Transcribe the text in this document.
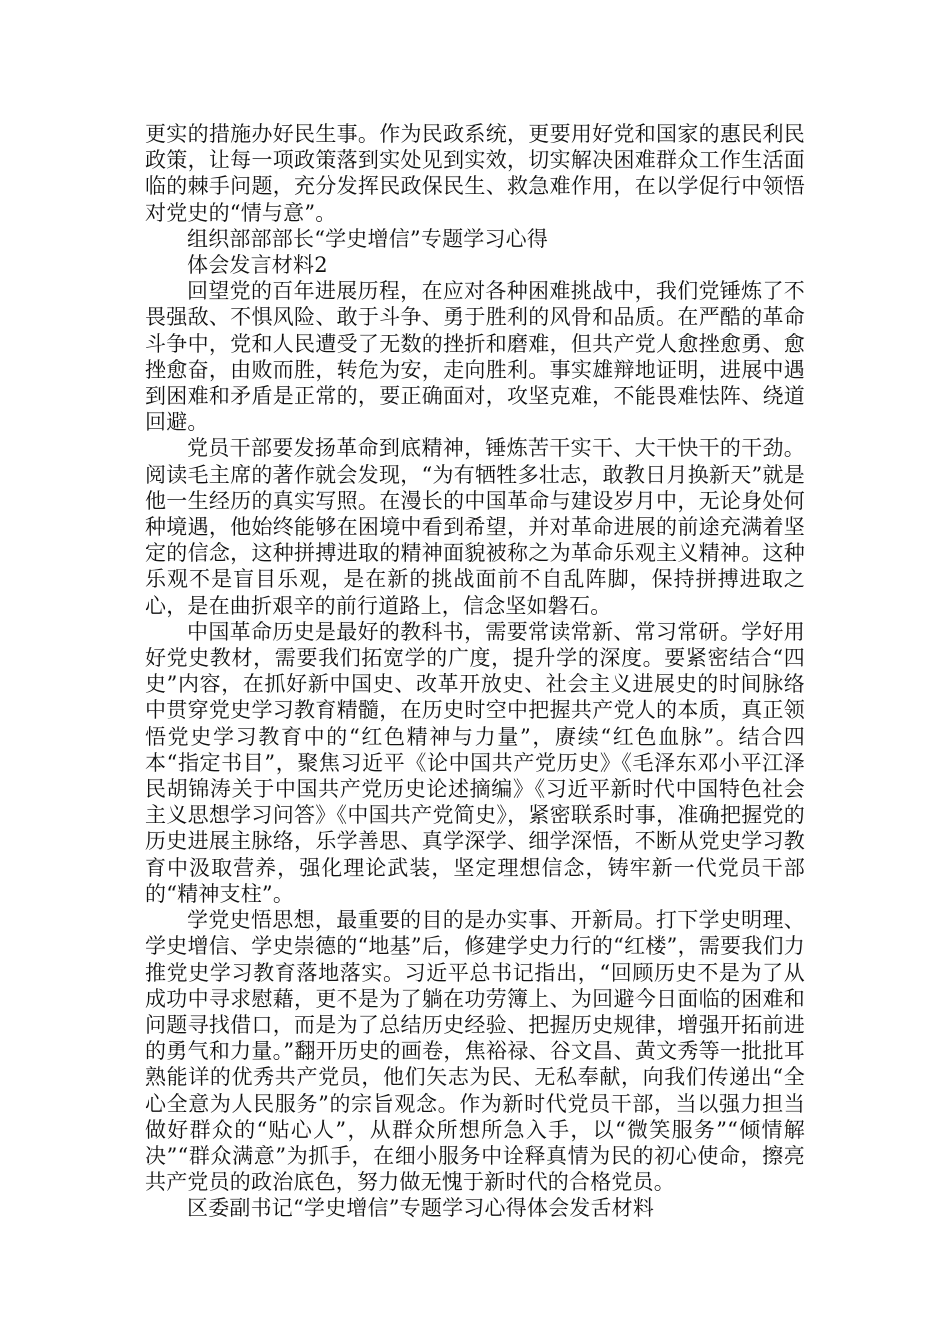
更实的措施办好民生事。作为民政系统，更要用好党和国家的惠民利民政策，让每一项政策落到实处见到实效，切实解决困难群众工作生活面临的棘手问题，充分发挥民政保民生、救急难作用，在以学促行中领悟对党史的“情与意”。

组织部部部长“学史增信”专题学习心得

体会发言材料2

回望党的百年进展历程，在应对各种困难挑战中，我们党锤炼了不畏强敌、不惧风险、敢于斗争、勇于胜利的风骨和品质。在严酷的革命斗争中，党和人民遭受了无数的挫折和磨难，但共产党人愈挫愈勇、愈挫愈奋，由败而胜，转危为安，走向胜利。事实雄辩地证明，进展中遇到困难和矛盾是正常的，要正确面对，攻坚克难，不能畏难怯阵、绕道回避。

党员干部要发扬革命到底精神，锤炼苦干实干、大干快干的干劲。阅读毛主席的著作就会发现，“为有牺牲多壮志，敢教日月换新天”就是他一生经历的真实写照。在漫长的中国革命与建设岁月中，无论身处何种境遇，他始终能够在困境中看到希望，并对革命进展的前途充满着坚定的信念，这种拼搏进取的精神面貌被称之为革命乐观主义精神。这种乐观不是盲目乐观，是在新的挑战面前不自乱阵脚，保持拼搏进取之心，是在曲折艰辛的前行道路上，信念坚如磐石。

中国革命历史是最好的教科书，需要常读常新、常习常研。学好用好党史教材，需要我们拓宽学的广度，提升学的深度。要紧密结合“四史”内容，在抓好新中国史、改革开放史、社会主义进展史的时间脉络中贯穿党史学习教育精髓，在历史时空中把握共产党人的本质，真正领悟党史学习教育中的“红色精神与力量”，赓续“红色血脉”。结合四本“指定书目”，聚焦习近平《论中国共产党历史》《毛泽东邓小平江泽民胡锦涛关于中国共产党历史论述摘编》《习近平新时代中国特色社会主义思想学习问答》《中国共产党简史》，紧密联系时事，准确把握党的历史进展主脉络，乐学善思、真学深学、细学深悟，不断从党史学习教育中汲取营养，强化理论武装，坚定理想信念，铸牢新一代党员干部的“精神支柱”。

学党史悟思想，最重要的目的是办实事、开新局。打下学史明理、学史增信、学史崇德的“地基”后，修建学史力行的“红楼”，需要我们力推党史学习教育落地落实。习近平总书记指出，“回顾历史不是为了从成功中寻求慰藉，更不是为了躺在功劳簿上、为回避今日面临的困难和问题寻找借口，而是为了总结历史经验、把握历史规律，增强开拓前进的勇气和力量。”翻开历史的画卷，焦裕禄、谷文昌、黄文秀等一批批耳熟能详的优秀共产党员，他们矢志为民、无私奉献，向我们传递出“全心全意为人民服务”的宗旨观念。作为新时代党员干部，当以强力担当做好群众的“贴心人”，从群众所想所急入手，以“微笑服务”“倾情解决”“群众满意”为抓手，在细小服务中诠释真情为民的初心使命，擦亮共产党员的政治底色，努力做无愧于新时代的合格党员。

区委副书记“学史增信”专题学习心得体会发舌材料
